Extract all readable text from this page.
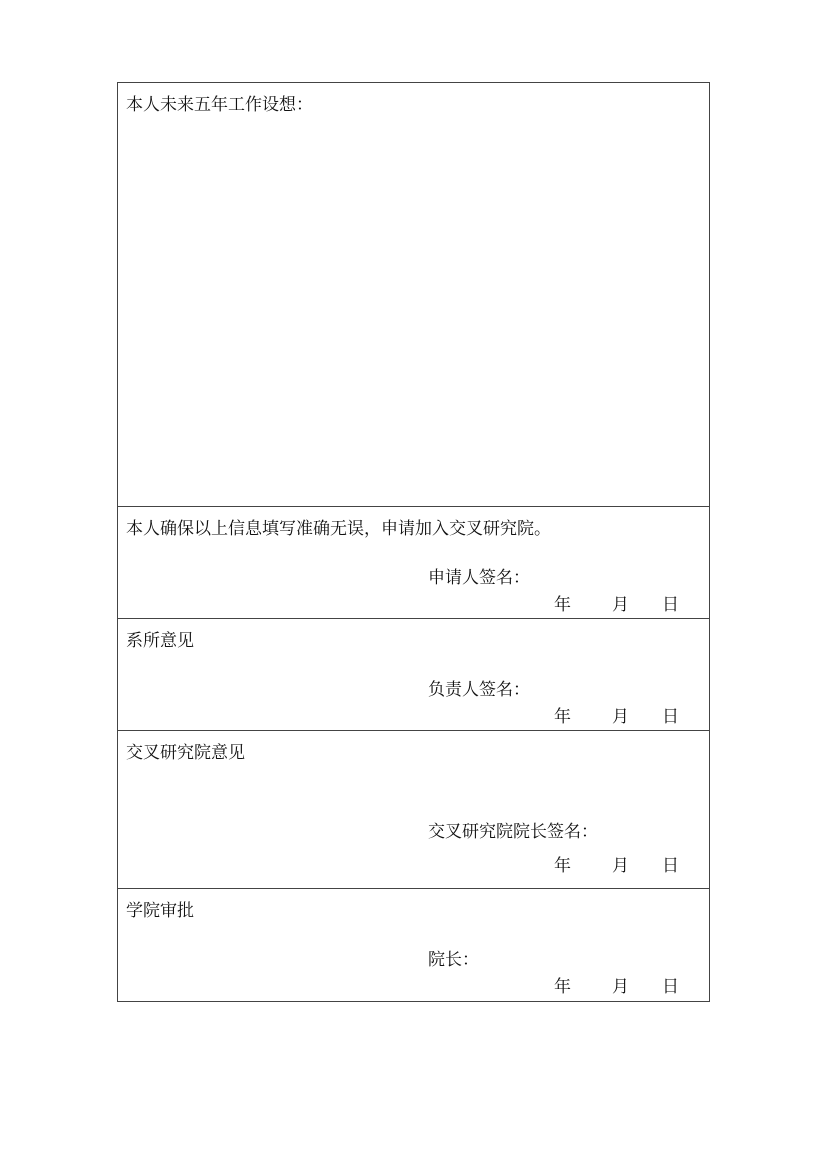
本人未来五年工作设想：
本人确保以上信息填写准确无误，申请加入交叉研究院。
申请人签名：
年 月 日
系所意见
负责人签名：
年 月 日
交叉研究院意见
交叉研究院院长签名：
年 月 日
学院审批
院长：
年 月 日
